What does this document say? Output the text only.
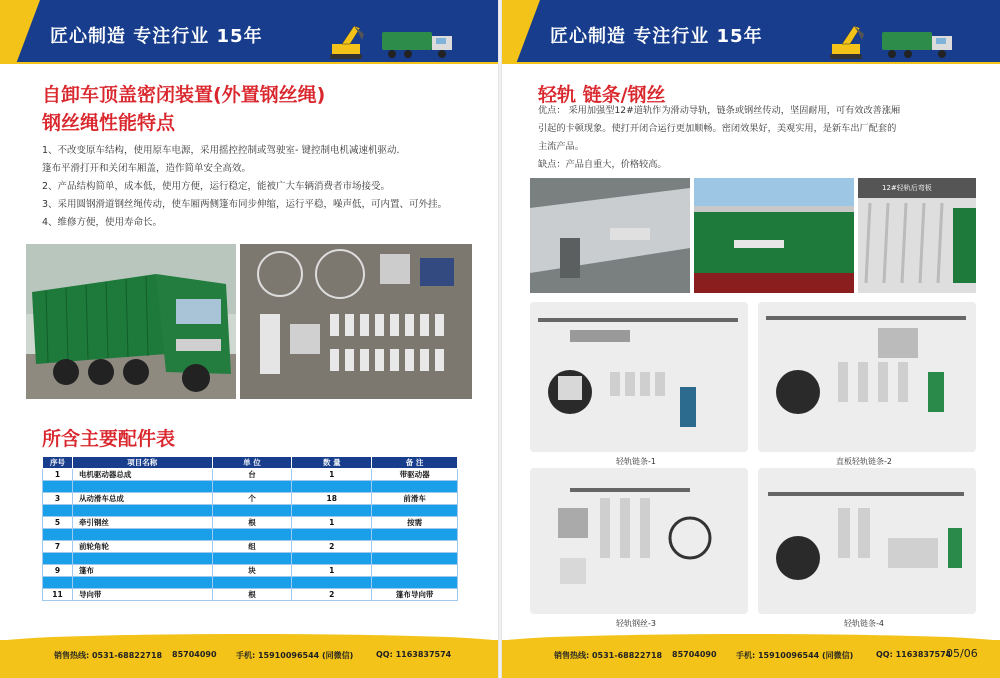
匠心制造 专注行业 15年
自卸车顶盖密闭装置(外置钢丝绳)
钢丝绳性能特点
1、不改变原车结构，使用原车电源，采用摇控控制或驾驶室- 键控制电机减速机驱动.
篷布平滑打开和关闭车厢盖，造作简单安全高效。
2、产品结构简单，成本低，使用方便，运行稳定，能被广大车辆消费者市场接受。
3、采用圆钢滑道钢丝绳传动，使车厢两侧篷布同步伸缩，运行平稳，噪声低，可内置、可外挂。
4、维修方便，使用寿命长。
所含主要配件表
序号	项目名称	单 位	数 量	备 注
1	电机驱动器总成	台	1	带驱动器

3	从动滑车总成	个	18	前滑车

5	牵引钢丝	根	1	按需

7	前轮角轮	组	2	

9	篷布	块	1	

11	导向带	根	2	篷布导向带
销售热线: 0531-68822718 85704090 手机: 15910096544 (同微信)	QQ: 1163837574
匠心制造 专注行业 15年
轻轨 链条/钢丝
优点： 采用加强型12#道轨作为滑动导轨，链条或钢丝传动，坚固耐用，可有效改善涨厢
引起的卡顿现象。使打开闭合运行更加顺畅。密闭效果好，美观实用，是新车出厂配套的
主流产品。
缺点：产品自重大，价格较高。
12#轻轨后弯板
轻轨链条-1	直板轻轨链条-2
轻轨钢丝-3	轻轨链条-4
销售热线: 0531-68822718 85704090 手机: 15910096544 (同微信)	QQ: 1163837574
05/06
